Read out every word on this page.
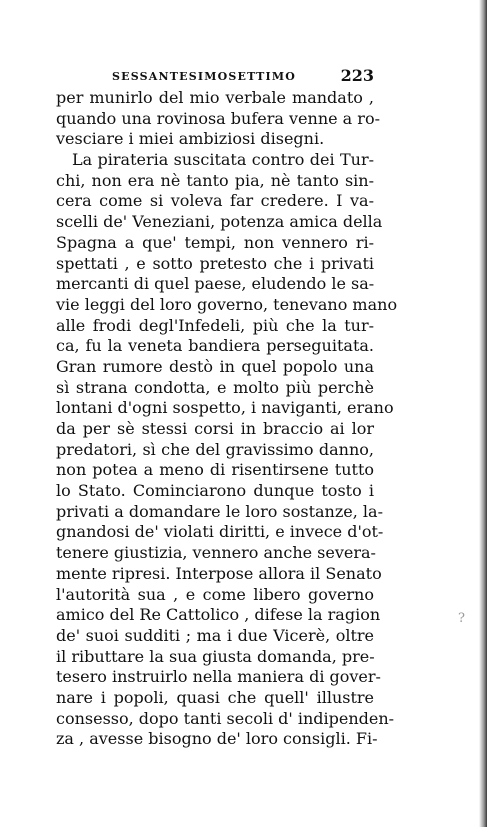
SESSANTESIMOSETTIMO	223
per munirlo del mio verbale mandato ,
quando una rovinosa bufera venne a ro-
vesciare i miei ambiziosi disegni.
La pirateria suscitata contro dei Tur-
chi, non era nè tanto pia, nè tanto sin-
cera come si voleva far credere. I va-
scelli de' Veneziani, potenza amica della
Spagna a que' tempi, non vennero ri-
spettati , e sotto pretesto che i privati
mercanti di quel paese, eludendo le sa-
vie leggi del loro governo, tenevano mano
alle frodi degl'Infedeli, più che la tur-
ca, fu la veneta bandiera perseguitata.
Gran rumore destò in quel popolo una
sì strana condotta, e molto più perchè
lontani d'ogni sospetto, i naviganti, erano
da per sè stessi corsi in braccio ai lor
predatori, sì che del gravissimo danno,
non potea a meno di risentirsene tutto
lo Stato. Cominciarono dunque tosto i
privati a domandare le loro sostanze, la-
gnandosi de' violati diritti, e invece d'ot-
tenere giustizia, vennero anche severa-
mente ripresi. Interpose allora il Senato
l'autorità sua , e come libero governo
amico del Re Cattolico , difese la ragion
de' suoi sudditi ; ma i due Vicerè, oltre
il ributtare la sua giusta domanda, pre-
tesero instruirlo nella maniera di gover-
nare i popoli, quasi che quell' illustre
consesso, dopo tanti secoli d' indipenden-
za , avesse bisogno de' loro consigli. Fi-
?
